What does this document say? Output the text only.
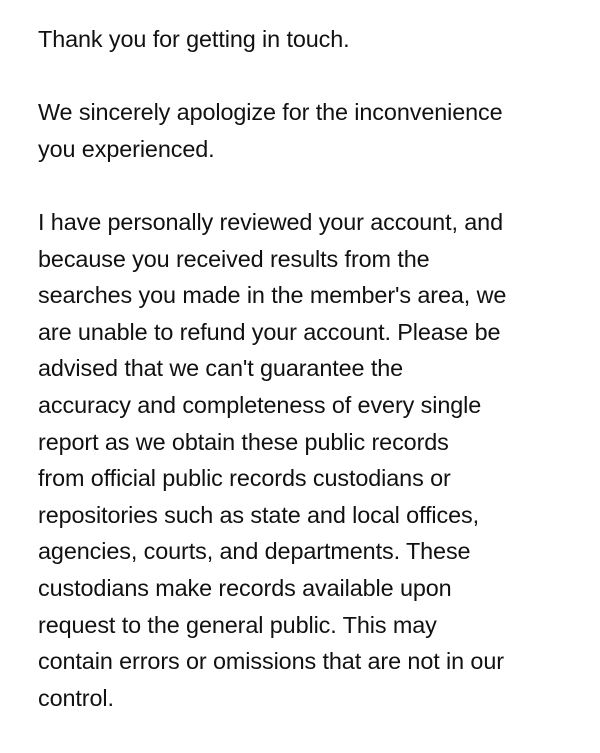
Thank you for getting in touch.

We sincerely apologize for the inconvenience
you experienced.

I have personally reviewed your account, and
because you received results from the
searches you made in the member's area, we
are unable to refund your account. Please be
advised that we can't guarantee the
accuracy and completeness of every single
report as we obtain these public records
from official public records custodians or
repositories such as state and local offices,
agencies, courts, and departments. These
custodians make records available upon
request to the general public. This may
contain errors or omissions that are not in our
control.
